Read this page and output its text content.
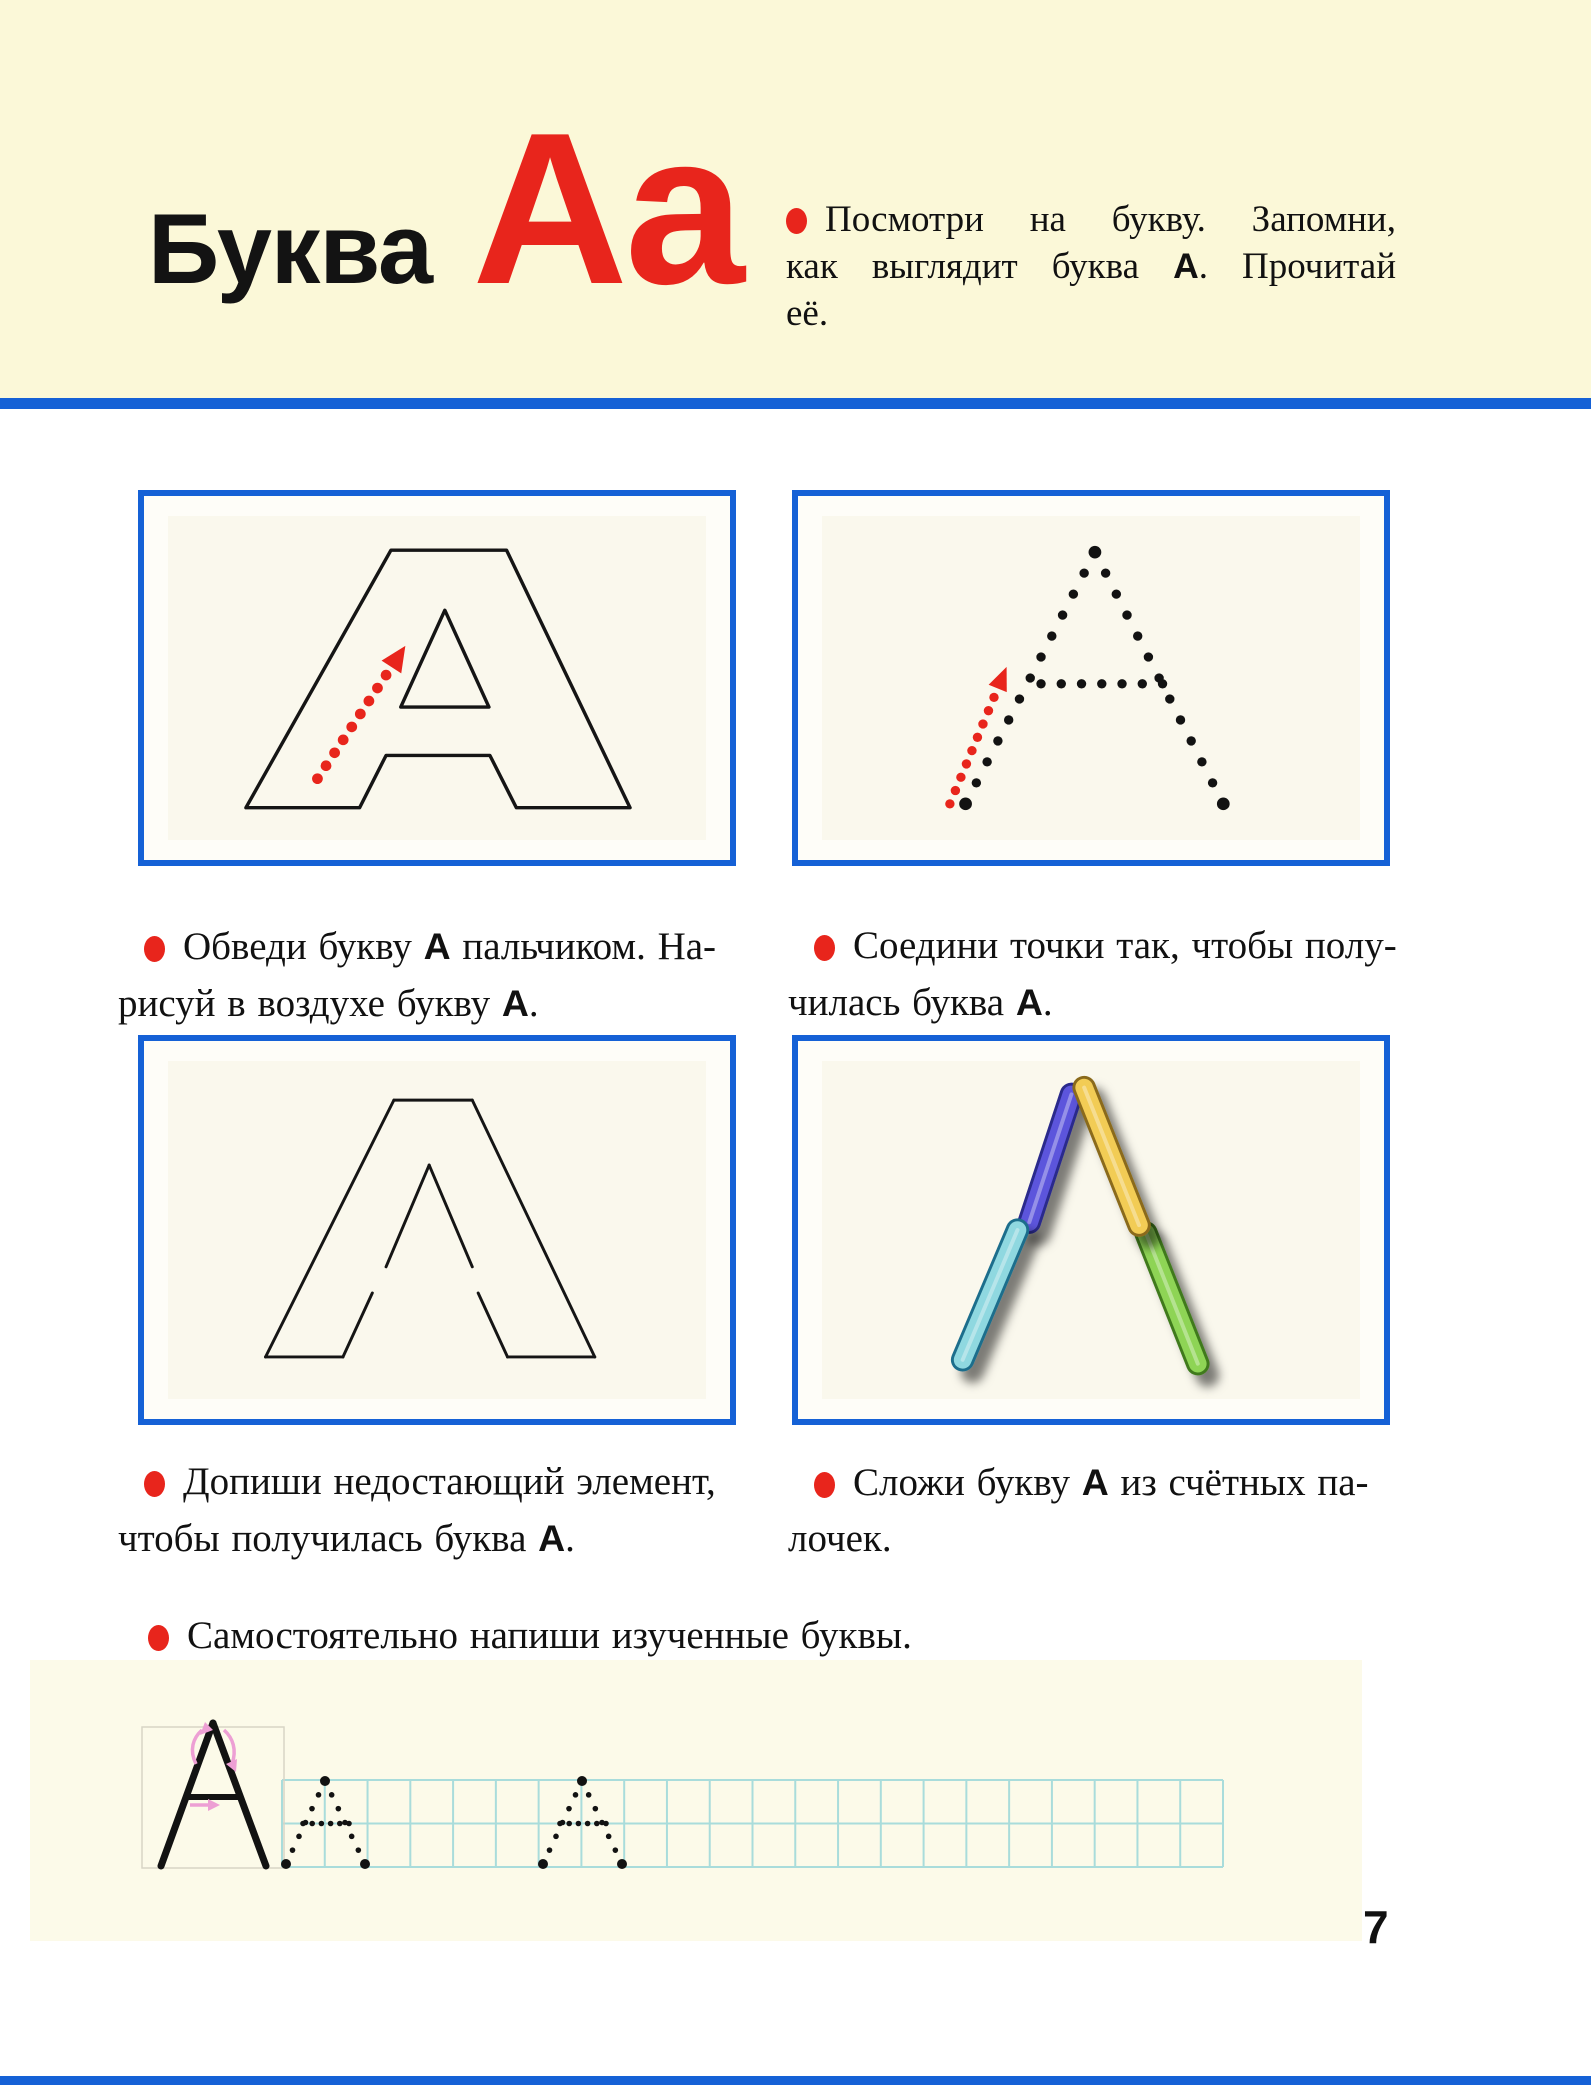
Буква Аа	Посмотри на букву. Запомни,
как выглядит буква А. Прочитай
её.
Обведи букву А пальчиком. На-
рисуй в воздухе букву А.
Соедини точки так, чтобы полу-
чилась буква А.
Допиши недостающий элемент,
чтобы получилась буква А.
Сложи букву А из счётных па-
лочек.
Самостоятельно напиши изученные буквы.
7
